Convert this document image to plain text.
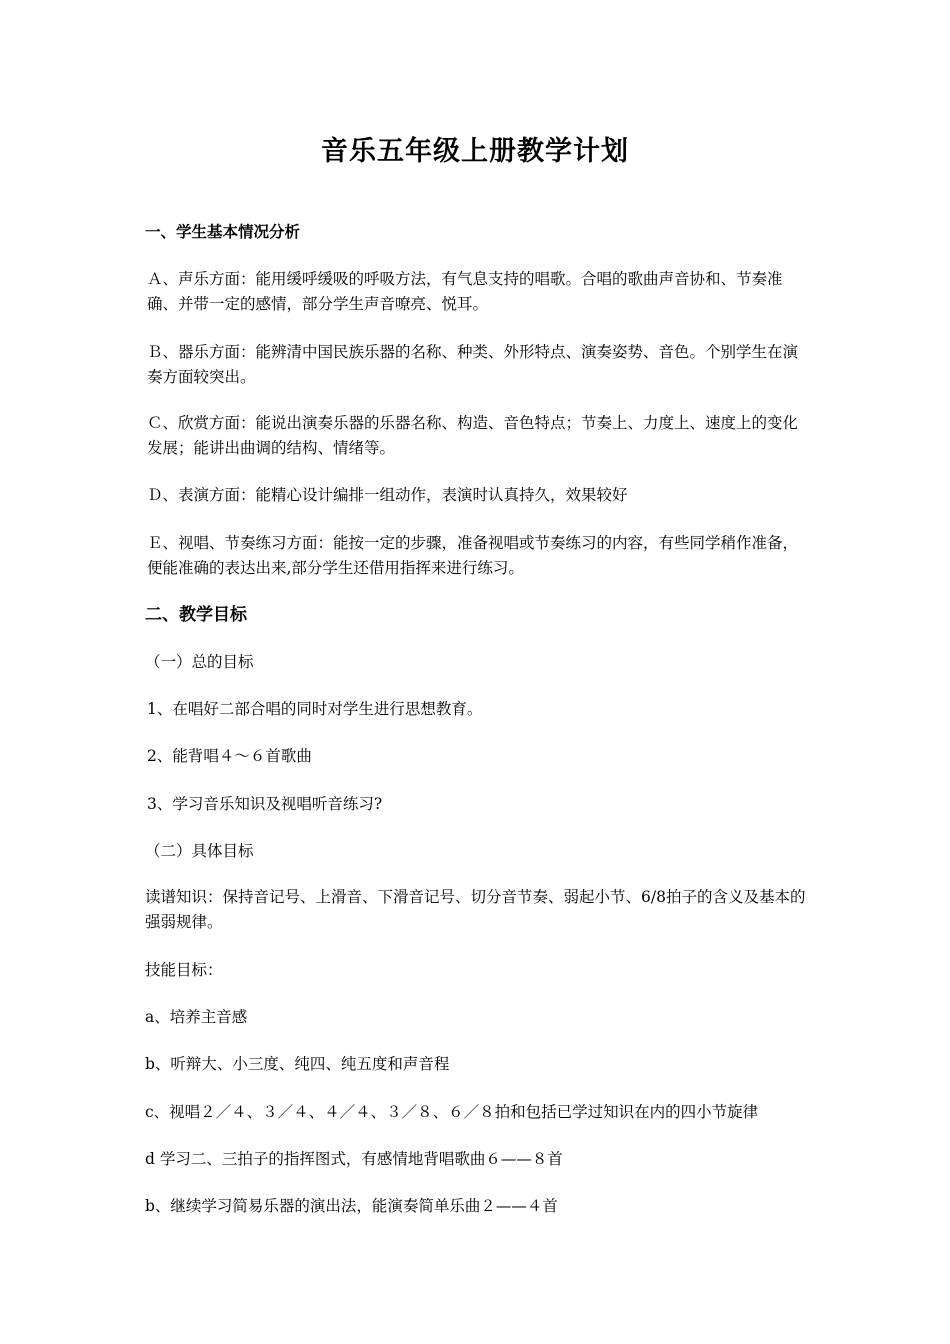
音乐五年级上册教学计划

一、学生基本情况分析

Ａ、声乐方面：能用缓呼缓吸的呼吸方法，有气息支持的唱歌。合唱的歌曲声音协和、节奏准确、并带一定的感情，部分学生声音嘹亮、悦耳。

Ｂ、器乐方面：能辨清中国民族乐器的名称、种类、外形特点、演奏姿势、音色。个别学生在演奏方面较突出。

Ｃ、欣赏方面：能说出演奏乐器的乐器名称、构造、音色特点；节奏上、力度上、速度上的变化发展；能讲出曲调的结构、情绪等。

Ｄ、表演方面：能精心设计编排一组动作，表演时认真持久，效果较好

Ｅ、视唱、节奏练习方面：能按一定的步骤，准备视唱或节奏练习的内容，有些同学稍作准备，便能准确的表达出来,部分学生还借用指挥来进行练习。

二、教学目标

（一）总的目标

1、在唱好二部合唱的同时对学生进行思想教育。

2、能背唱４～６首歌曲

3、学习音乐知识及视唱听音练习?

（二）具体目标

读谱知识：保持音记号、上滑音、下滑音记号、切分音节奏、弱起小节、6/8拍子的含义及基本的强弱规律。

技能目标：

a、培养主音感

b、听辩大、小三度、纯四、纯五度和声音程

c、视唱２／４、３／４、４／４、３／８、６／８拍和包括已学过知识在内的四小节旋律

d 学习二、三拍子的指挥图式，有感情地背唱歌曲６——８首

b、继续学习简易乐器的演出法，能演奏简单乐曲２——４首
